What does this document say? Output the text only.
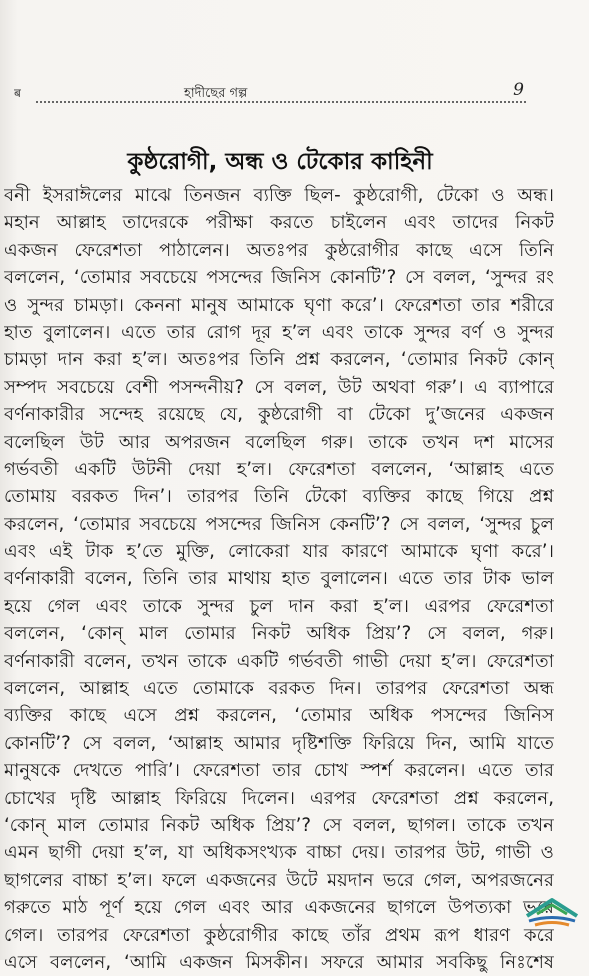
ब	হাদীছের গল্প	9
কুষ্ঠরোগী, অন্ধ ও টেকোর কাহিনী
বনী ইসরাঈলের মাঝে তিনজন ব্যক্তি ছিল- কুষ্ঠরোগী, টেকো ও অন্ধ।
মহান আল্লাহ তাদেরকে পরীক্ষা করতে চাইলেন এবং তাদের নিকট
একজন ফেরেশতা পাঠালেন। অতঃপর কুষ্ঠরোগীর কাছে এসে তিনি
বললেন, ‘তোমার সবচেয়ে পসন্দের জিনিস কোনটি’? সে বলল, ‘সুন্দর রং
ও সুন্দর চামড়া। কেননা মানুষ আমাকে ঘৃণা করে’। ফেরেশতা তার শরীরে
হাত বুলালেন। এতে তার রোগ দূর হ’ল এবং তাকে সুন্দর বর্ণ ও সুন্দর
চামড়া দান করা হ’ল। অতঃপর তিনি প্রশ্ন করলেন, ‘তোমার নিকট কোন্
সম্পদ সবচেয়ে বেশী পসন্দনীয়? সে বলল, উট অথবা গরু’। এ ব্যাপারে
বর্ণনাকারীর সন্দেহ রয়েছে যে, কুষ্ঠরোগী বা টেকো দু’জনের একজন
বলেছিল উট আর অপরজন বলেছিল গরু। তাকে তখন দশ মাসের
গর্ভবতী একটি উটনী দেয়া হ’ল। ফেরেশতা বললেন, ‘আল্লাহ এতে
তোমায় বরকত দিন’। তারপর তিনি টেকো ব্যক্তির কাছে গিয়ে প্রশ্ন
করলেন, ‘তোমার সবচেয়ে পসন্দের জিনিস কেনটি’? সে বলল, ‘সুন্দর চুল
এবং এই টাক হ’তে মুক্তি, লোকেরা যার কারণে আমাকে ঘৃণা করে’।
বর্ণনাকারী বলেন, তিনি তার মাথায় হাত বুলালেন। এতে তার টাক ভাল
হয়ে গেল এবং তাকে সুন্দর চুল দান করা হ’ল। এরপর ফেরেশতা
বললেন, ‘কোন্ মাল তোমার নিকট অধিক প্রিয়’? সে বলল, গরু।
বর্ণনাকারী বলেন, তখন তাকে একটি গর্ভবতী গাভী দেয়া হ’ল। ফেরেশতা
বললেন, আল্লাহ এতে তোমাকে বরকত দিন। তারপর ফেরেশতা অন্ধ
ব্যক্তির কাছে এসে প্রশ্ন করলেন, ‘তোমার অধিক পসন্দের জিনিস
কোনটি’? সে বলল, ‘আল্লাহ আমার দৃষ্টিশক্তি ফিরিয়ে দিন, আমি যাতে
মানুষকে দেখতে পারি’। ফেরেশতা তার চোখ স্পর্শ করলেন। এতে তার
চোখের দৃষ্টি আল্লাহ ফিরিয়ে দিলেন। এরপর ফেরেশতা প্রশ্ন করলেন,
‘কোন্ মাল তোমার নিকট অধিক প্রিয়’? সে বলল, ছাগল। তাকে তখন
এমন ছাগী দেয়া হ’ল, যা অধিকসংখ্যক বাচ্চা দেয়। তারপর উট, গাভী ও
ছাগলের বাচ্চা হ’ল। ফলে একজনের উটে ময়দান ভরে গেল, অপরজনের
গরুতে মাঠ পূর্ণ হয়ে গেল এবং আর একজনের ছাগলে উপত্যকা ভরে
গেল। তারপর ফেরেশতা কুষ্ঠরোগীর কাছে তাঁর প্রথম রূপ ধারণ করে
এসে বললেন, ‘আমি একজন মিসকীন। সফরে আমার সবকিছু নিঃশেষ
